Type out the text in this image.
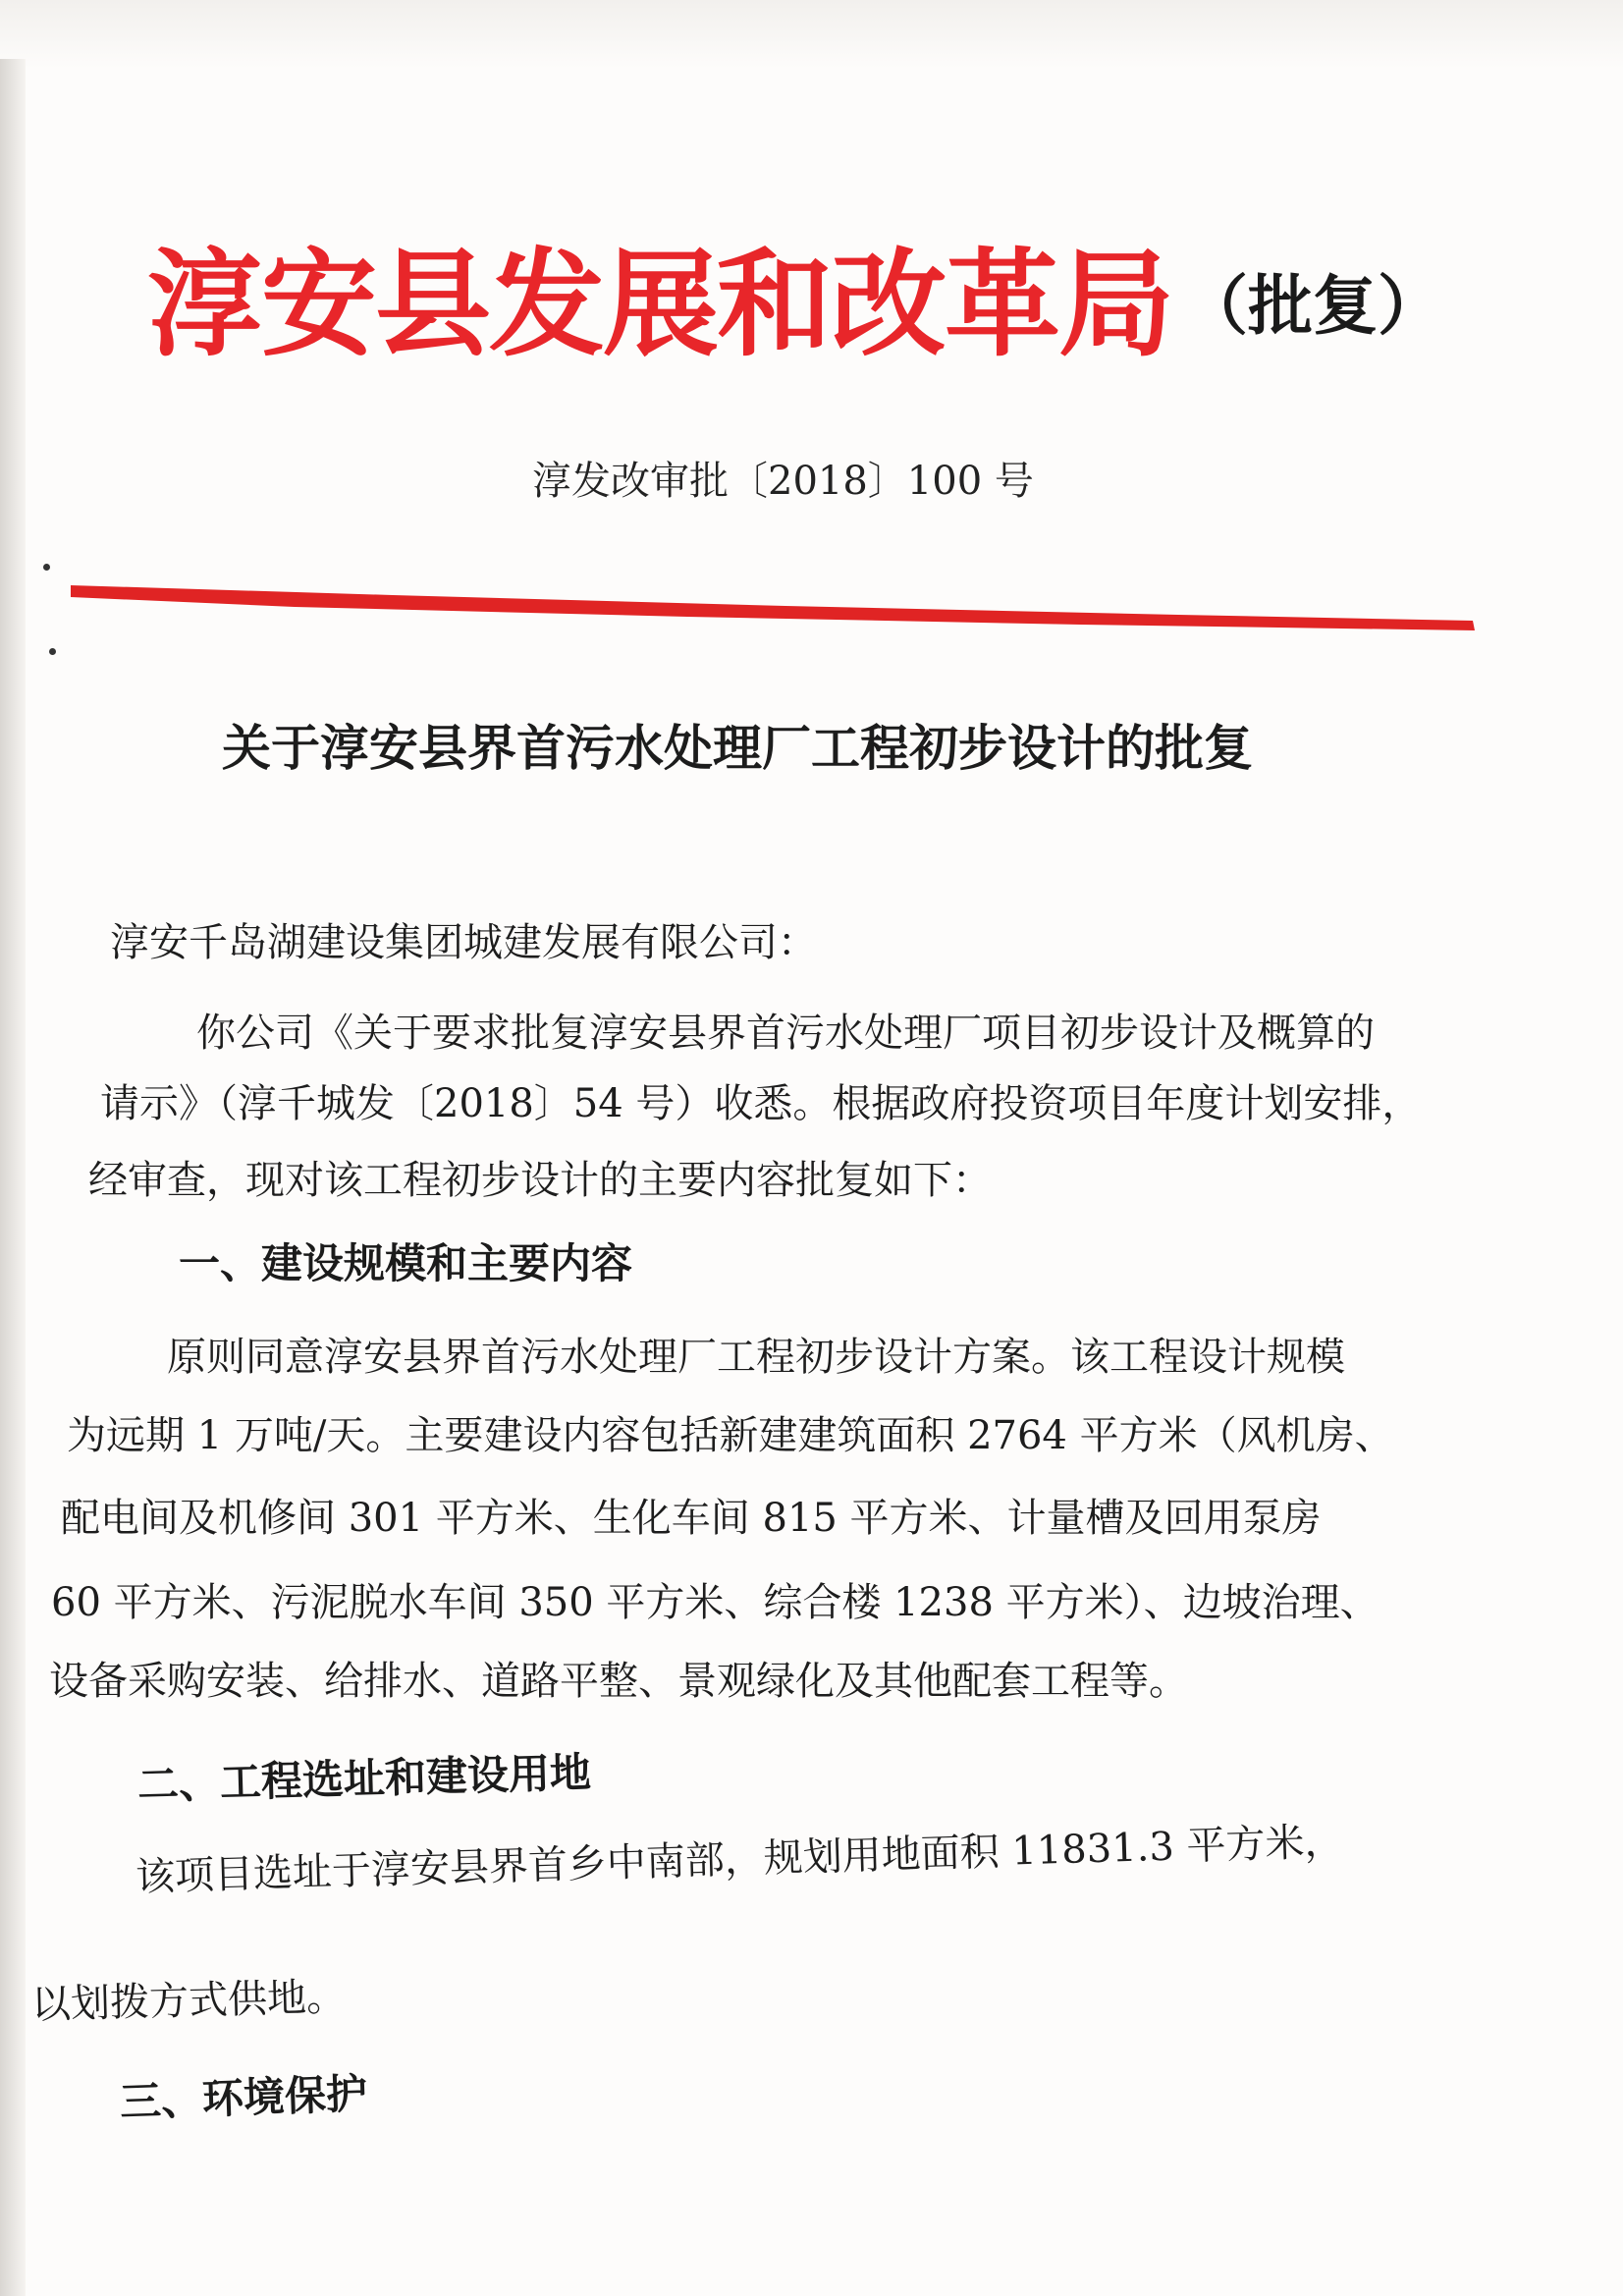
淳安县发展和改革局 （批复）
淳发改审批〔2018〕100 号
关于淳安县界首污水处理厂工程初步设计的批复
淳安千岛湖建设集团城建发展有限公司：
你公司《关于要求批复淳安县界首污水处理厂项目初步设计及概算的
请示》（淳千城发〔2018〕54 号）收悉。根据政府投资项目年度计划安排，
经审查，现对该工程初步设计的主要内容批复如下：
一、建设规模和主要内容
原则同意淳安县界首污水处理厂工程初步设计方案。该工程设计规模
为远期 1 万吨/天。主要建设内容包括新建建筑面积 2764 平方米（风机房、
配电间及机修间 301 平方米、生化车间 815 平方米、计量槽及回用泵房
60 平方米、污泥脱水车间 350 平方米、综合楼 1238 平方米）、边坡治理、
设备采购安装、给排水、道路平整、景观绿化及其他配套工程等。
二、工程选址和建设用地
该项目选址于淳安县界首乡中南部，规划用地面积 11831.3 平方米，
以划拨方式供地。
三、环境保护
